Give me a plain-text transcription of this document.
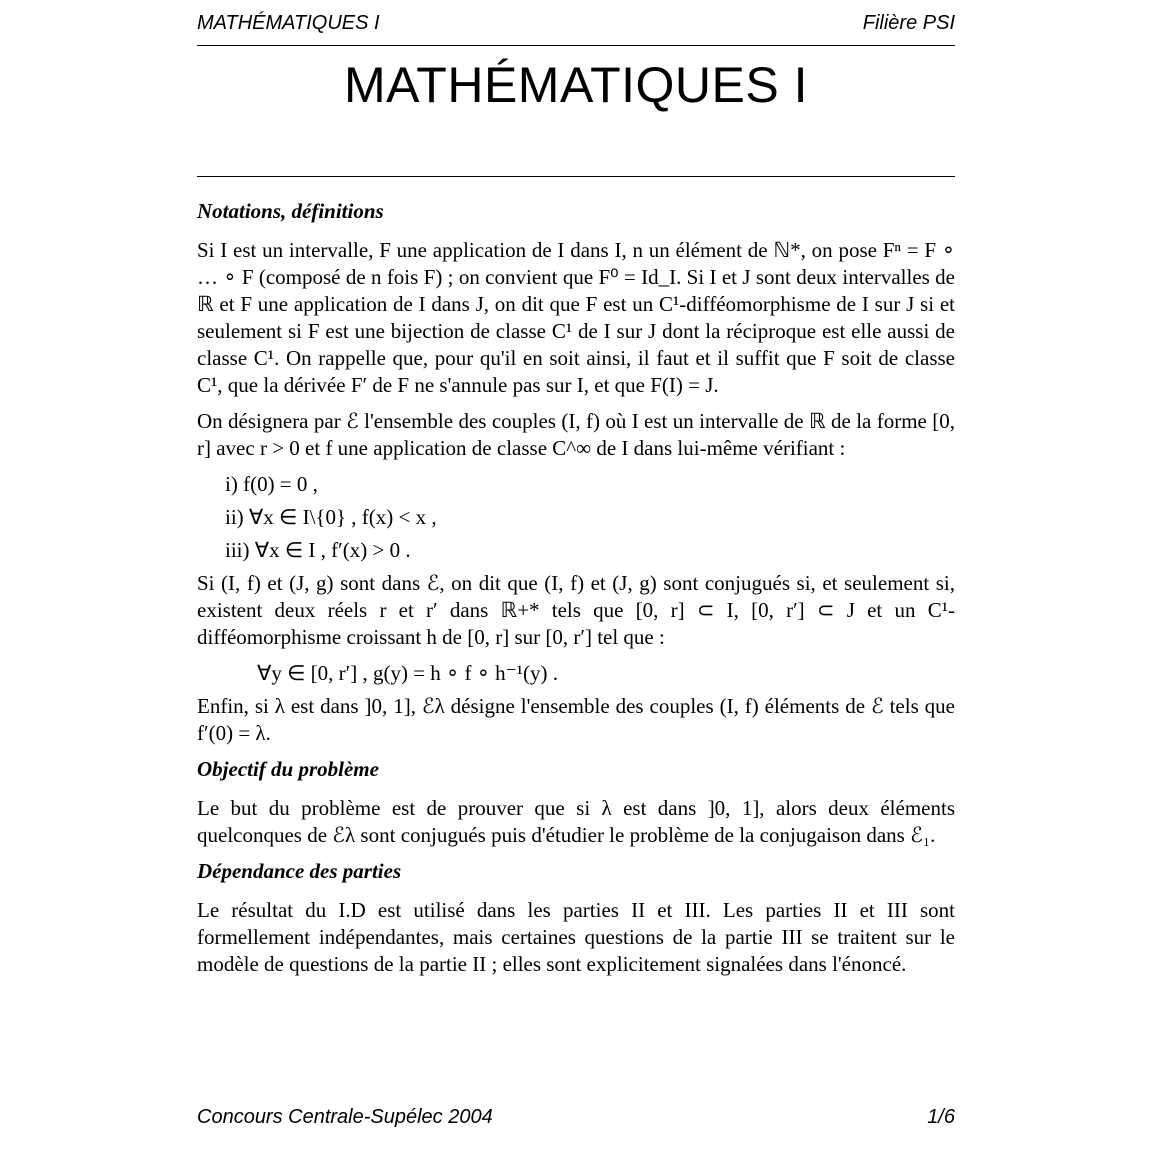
MATHÉMATIQUES I	Filière PSI
MATHÉMATIQUES I

Notations, définitions

Si I est un intervalle, F une application de I dans I, n un élément de ℕ*, on pose Fⁿ = F ∘ … ∘ F (composé de n fois F) ; on convient que F⁰ = Id_I. Si I et J sont deux intervalles de ℝ et F une application de I dans J, on dit que F est un C¹-difféomorphisme de I sur J si et seulement si F est une bijection de classe C¹ de I sur J dont la réciproque est elle aussi de classe C¹. On rappelle que, pour qu'il en soit ainsi, il faut et il suffit que F soit de classe C¹, que la dérivée F′ de F ne s'annule pas sur I, et que F(I) = J.

On désignera par ℰ l'ensemble des couples (I, f) où I est un intervalle de ℝ de la forme [0, r] avec r > 0 et f une application de classe C^∞ de I dans lui-même vérifiant :

i) f(0) = 0 ,

ii) ∀x ∈ I\{0} , f(x) < x ,

iii) ∀x ∈ I , f′(x) > 0 .

Si (I, f) et (J, g) sont dans ℰ, on dit que (I, f) et (J, g) sont conjugués si, et seulement si, existent deux réels r et r′ dans ℝ+* tels que [0, r] ⊂ I, [0, r′] ⊂ J et un C¹-difféomorphisme croissant h de [0, r] sur [0, r′] tel que :

∀y ∈ [0, r′] , g(y) = h ∘ f ∘ h⁻¹(y) .

Enfin, si λ est dans ]0, 1], ℰλ désigne l'ensemble des couples (I, f) éléments de ℰ tels que f′(0) = λ.

Objectif du problème

Le but du problème est de prouver que si λ est dans ]0, 1], alors deux éléments quelconques de ℰλ sont conjugués puis d'étudier le problème de la conjugaison dans ℰ₁.

Dépendance des parties

Le résultat du I.D est utilisé dans les parties II et III. Les parties II et III sont formellement indépendantes, mais certaines questions de la partie III se traitent sur le modèle de questions de la partie II ; elles sont explicitement signalées dans l'énoncé.

Concours Centrale-Supélec 2004	1/6
